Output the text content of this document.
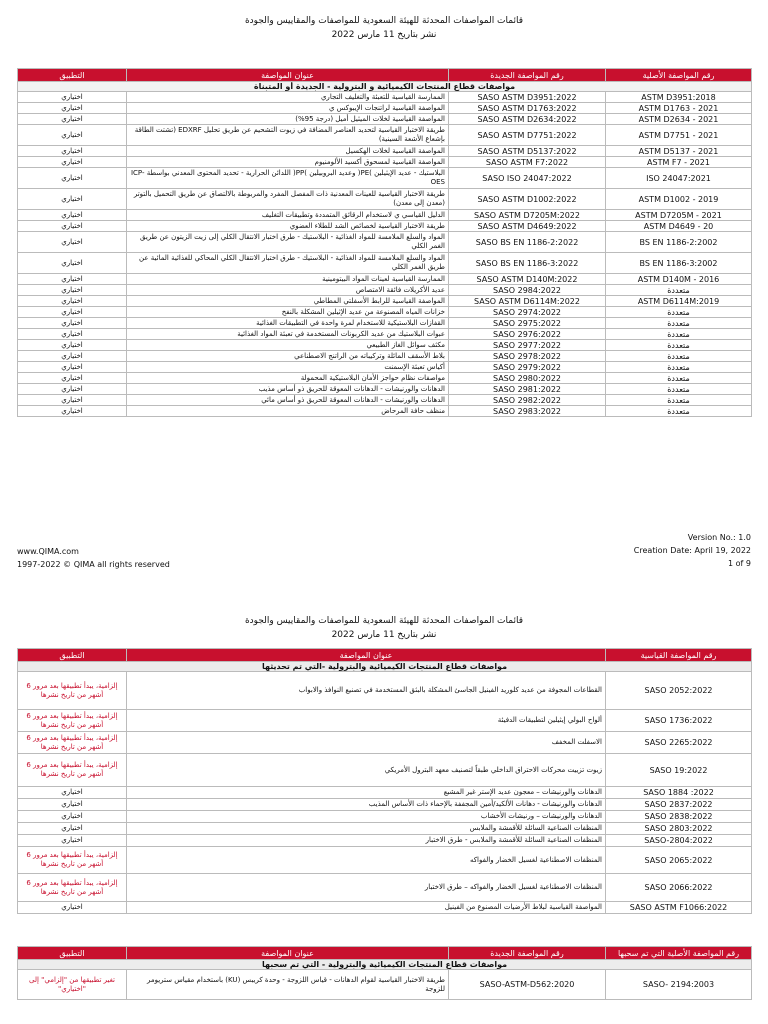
قائمات المواصفات المحدثة للهيئة السعودية للمواصفات والمقاييس والجودة
نشر بتاريخ 11 مارس 2022
رقم المواصفة الأصلية	رقم المواصفة الجديدة	عنوان المواصفة	التطبيق
مواصفات قطاع المنتجات الكيميائية و البترولية - الجديدة أو المتبناة			
ASTM D3951:2018	SASO ASTM D3951:2022	الممارسة القياسية للتعبئة والتغليف التجاري	اختياري
ASTM D1763 - 2021	SASO ASTM D1763:2022	المواصفة القياسية لراتنجات الإيبوكس ي	اختياري
ASTM D2634 - 2021	SASO ASTM D2634:2022	المواصفة القياسية لخلات الميثيل أميل (درجة 95%)	اختياري
ASTM D7751 - 2021	SASO ASTM D7751:2022	طريقة الاختبار القياسية لتحديد العناصر المضافة في زيوت التشحيم عن طريق تحليل EDXRF (تشتت الطاقة بإشعاع الأشعة السينية)	اختياري
ASTM D5137 - 2021	SASO ASTM D5137:2022	المواصفة القياسية لخلات الهكسيل	اختياري
ASTM F7 - 2021	SASO ASTM F7:2022	المواصفة القياسية لمسحوق أكسيد الألومنيوم	اختياري
ISO 24047:2021	SASO ISO 24047:2022	البلاستيك - عديد الإيثيلين )PE( وعديد البروبيلين )PP( اللدائن الحرارية - تحديد المحتوى المعدني بواسطة ICP-OES	اختياري
ASTM D1002 - 2019	SASO ASTM D1002:2022	طريقة الاختبار القياسية للعينات المعدنية ذات المفصل المفرد والمربوطة بالالتصاق عن طريق التحميل بالتوتر (معدن إلى معدن)	اختياري
ASTM D7205M - 2021	SASO ASTM D7205M:2022	الدليل القياسي ي لاستخدام الرقائق المتمددة وتطبيقات التغليف	اختياري
ASTM D4649 - 20	SASO ASTM D4649:2022	طريقة الاختبار القياسية لخصائص الشد للطلاء العضوي	اختياري
BS EN 1186-2:2002	SASO BS EN 1186-2:2022	المواد والسلع الملامسة للمواد الغذائية - البلاستيك - طرق اختبار الانتقال الكلي إلى زيت الزيتون عن طريق الغمر الكلي	اختياري
BS EN 1186-3:2002	SASO BS EN 1186-3:2022	المواد والسلع الملامسة للمواد الغذائية - البلاستيك - طرق اختبار الانتقال الكلي المحاكي للغذائية المائية عن طريق الغمر الكلي	اختياري
ASTM D140M - 2016	SASO ASTM D140M:2022	الممارسة القياسية لعينات المواد البيتومينية	اختياري
متعددة	SASO 2984:2022	عديد الأكريلات فائقة الامتصاص	اختياري
ASTM D6114M:2019	SASO ASTM D6114M:2022	المواصفة القياسية للرابط الأسفلتي المطاطي	اختياري
متعددة	SASO 2974:2022	خزانات المياه المصنوعة من عديد الإثيلين المشكلة بالنفخ	اختياري
متعددة	SASO 2975:2022	القفازات البلاستيكية للاستخدام لمرة واحدة في التطبيقات الغذائية	اختياري
متعددة	SASO 2976:2022	عبوات البلاستيك من عديد الكربونات المستخدمة في تعبئة المواد الغذائية	اختياري
متعددة	SASO 2977:2022	مكثف سوائل الغاز الطبيعي	اختياري
متعددة	SASO 2978:2022	بلاط الأسقف المائلة وتركيباته من الراتنج الاصطناعي	اختياري
متعددة	SASO 2979:2022	أكياس تعبئة الإسمنت	اختياري
متعددة	SASO 2980:2022	مواصفات نظام حواجز الأمان البلاستيكية المحمولة	اختياري
متعددة	SASO 2981:2022	الدهانات والورنيشات - الدهانات المعوقة للحريق ذو أساس مذيب	اختياري
متعددة	SASO 2982:2022	الدهانات والورنيشات - الدهانات المعوقة للحريق ذو أساس مائي	اختياري
متعددة	SASO 2983:2022	منظف حافة المرحاض	اختياري
www.QIMA.com
1997-2022 © QIMA all rights reserved
Version No.: 1.0
Creation Date: April 19, 2022
1 of 9
قائمات المواصفات المحدثة للهيئة السعودية للمواصفات والمقاييس والجودة
نشر بتاريخ 11 مارس 2022
رقم المواصفة القياسية	عنوان المواصفة	التطبيق
مواصفات قطاع المنتجات الكيميائية والبترولية -التي تم تحديثها		
SASO 2052:2022	القطاعات المجوفة من عديد كلوريد الفينيل الجاسئ المشكلة بالبثق المستخدمة في تصنيع النوافذ والابواب	إلزامية، يبدأ تطبيقها بعد مرور 6 أشهر من تاريخ نشرها
SASO 1736:2022	ألواح البولي إيثيلين لتطبيقات الدفيئة	إلزامية، يبدأ تطبيقها بعد مرور 6 أشهر من تاريخ نشرها
SASO 2265:2022	الاسفلت المخفف	إلزامية، يبدأ تطبيقها بعد مرور 6 أشهر من تاريخ نشرها
SASO 19:2022	زيوت تزييت محركات الاحتراق الداخلي طبقاً لتصنيف معهد البترول الأمريكي	إلزامية، يبدأ تطبيقها بعد مرور 6 أشهر من تاريخ نشرها
SASO 1884 :2022	الدهانات والورنيشات – معجون عديد الإستر غير المشبع	اختياري
SASO 2837:2022	الدهانات والورنيشات - دهانات الألكيد/أمين المجففة بالإحماء ذات الأساس المذيب	اختياري
SASO 2838:2022	الدهانات والورنيشات – ورنيشات الأخشاب	اختياري
SASO 2803:2022	المنظفات الصناعية السائلة للأقمشة والملابس	اختياري
SASO-2804:2022	المنظفات الصناعية السائلة للأقمشة والملابس - طرق الاختبار	اختياري
SASO 2065:2022	المنظفات الاصطناعية لغسيل الخضار والفواكه	إلزامية، يبدأ تطبيقها بعد مرور 6 أشهر من تاريخ نشرها
SASO 2066:2022	المنظفات الاصطناعية لغسيل الخضار والفواكه – طرق الاختبار	إلزامية، يبدأ تطبيقها بعد مرور 6 أشهر من تاريخ نشرها
SASO ASTM F1066:2022	المواصفة القياسية لبلاط الأرضيات المصنوع من الفينيل	اختياري
رقم المواصفة الأصلية التي تم سحبها	رقم المواصفة الجديدة	عنوان المواصفة	التطبيق
مواصفات قطاع المنتجات الكيميائية والبترولية - التي تم سحبها			
SASO- 2194:2003	SASO-ASTM-D562:2020	طريقة الاختبار القياسية لقوام الدهانات - قياس اللزوجة - وحدة كريبس (KU) باستخدام مقياس ستريومر للزوجة	تغير تطبيقها من "إلزامي" إلى "اختياري"
